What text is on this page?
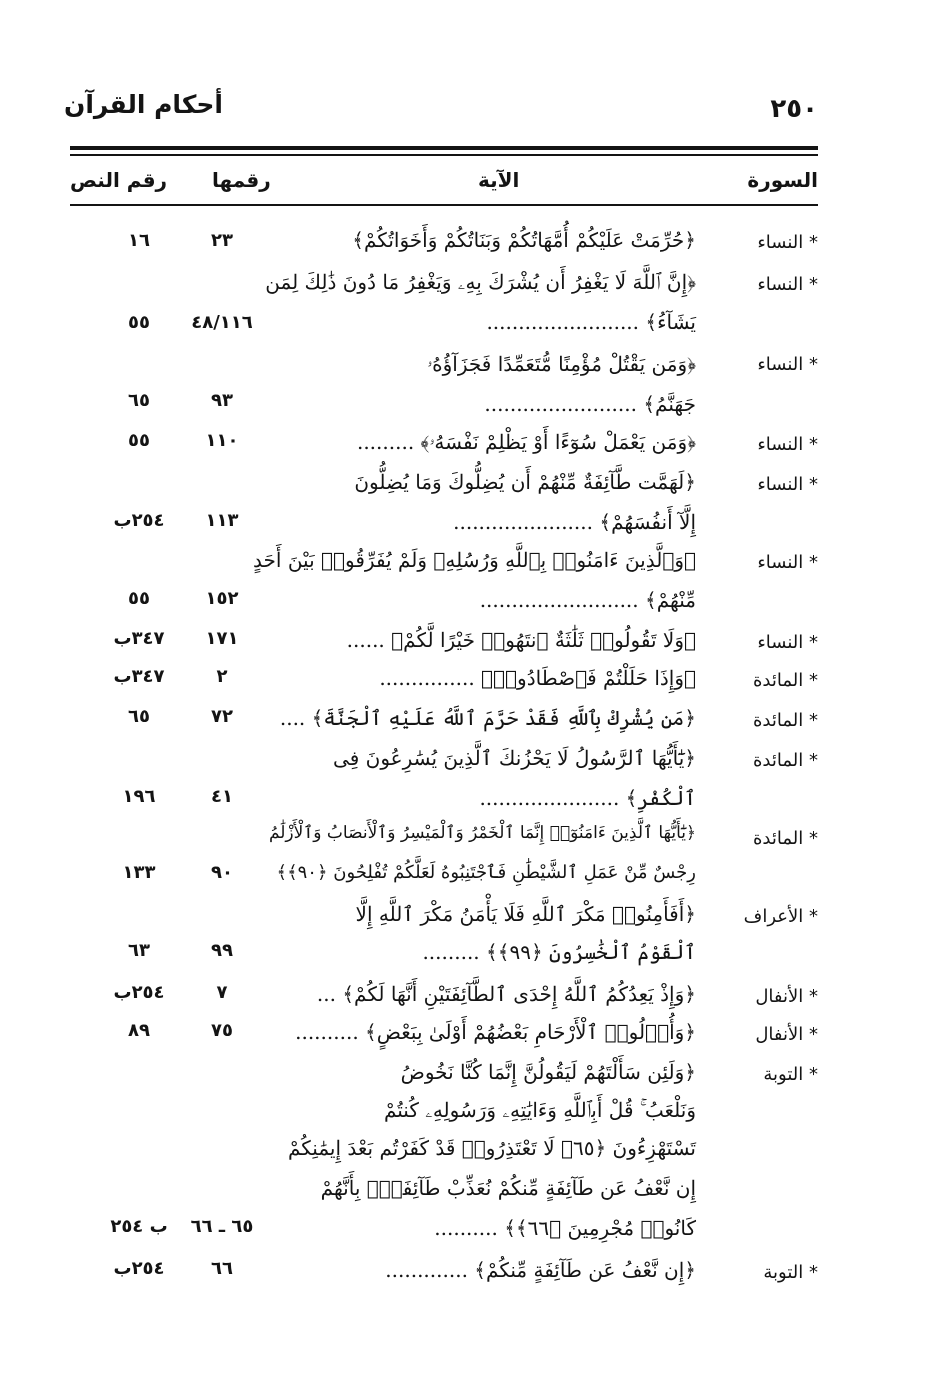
٢٥٠
أحكام القرآن
السورة
الآية
رقمها
رقم النص
* النساء
﴿حُرِّمَتْ عَلَيْكُمْ أُمَّهَاتُكُمْ وَبَنَاتُكُمْ وَأَخَوَاتُكُمْ﴾
٢٣
١٦
* النساء
﴿إِنَّ ٱللَّهَ لَا يَغْفِرُ أَن يُشْرَكَ بِهِۦ وَيَغْفِرُ مَا دُونَ ذَٰلِكَ لِمَن
يَشَآءُ﴾ ........................
٤٨/١١٦
٥٥
* النساء
﴿وَمَن يَقْتُلْ مُؤْمِنًا مُّتَعَمِّدًا فَجَزَآؤُهُۥ
جَهَنَّمُ﴾ ........................
٩٣
٦٥
* النساء
﴿وَمَن يَعْمَلْ سُوٓءًا أَوْ يَظْلِمْ نَفْسَهُۥ﴾ .........
١١٠
٥٥
* النساء
﴿لَهَمَّت طَّآئِفَةٌ مِّنْهُمْ أَن يُضِلُّوكَ وَمَا يُضِلُّونَ
إِلَّآ أَنفُسَهُمْ﴾ ......................
١١٣
٢٥٤ب
* النساء
﴿وَٱلَّذِينَ ءَامَنُوا۟ بِٱللَّهِ وَرُسُلِهِۦ وَلَمْ يُفَرِّقُوا۟ بَيْنَ أَحَدٍ
مِّنْهُمْ﴾ .........................
١٥٢
٥٥
* النساء
﴿وَلَا تَقُولُوا۟ ثَلَٰثَةٌ ٱنتَهُوا۟ خَيْرًا لَّكُمْ﴾ ......
١٧١
٣٤٧ب
* المائدة
﴿وَإِذَا حَلَلْتُمْ فَٱصْطَادُوا۟﴾ ...............
٢
٣٤٧ب
* المائدة
﴿مَن يُشْرِكْ بِٱللَّهِ فَقَدْ حَرَّمَ ٱللَّهُ عَلَيْهِ ٱلْجَنَّةَ﴾ ....
٧٢
٦٥
* المائدة
﴿يَٰٓأَيُّهَا ٱلرَّسُولُ لَا يَحْزُنكَ ٱلَّذِينَ يُسَٰرِعُونَ فِى
ٱلْكُفْرِ﴾ ......................
٤١
١٩٦
* المائدة
﴿يَٰٓأَيُّهَا ٱلَّذِينَ ءَامَنُوٓا۟ إِنَّمَا ٱلْخَمْرُ وَٱلْمَيْسِرُ وَٱلْأَنصَابُ وَٱلْأَزْلَٰمُ
رِجْسٌ مِّنْ عَمَلِ ٱلشَّيْطَٰنِ فَٱجْتَنِبُوهُ لَعَلَّكُمْ تُفْلِحُونَ ﴿٩٠﴾﴾
٩٠
١٣٣
* الأعراف
﴿أَفَأَمِنُوا۟ مَكْرَ ٱللَّهِ فَلَا يَأْمَنُ مَكْرَ ٱللَّهِ إِلَّا
ٱلْقَوْمُ ٱلْخَٰسِرُونَ ﴿٩٩﴾﴾ .........
٩٩
٦٣
* الأنفال
﴿وَإِذْ يَعِدُكُمُ ٱللَّهُ إِحْدَى ٱلطَّآئِفَتَيْنِ أَنَّهَا لَكُمْ﴾ ...
٧
٢٥٤ب
* الأنفال
﴿وَأُو۟لُوا۟ ٱلْأَرْحَامِ بَعْضُهُمْ أَوْلَىٰ بِبَعْضٍ﴾ ..........
٧٥
٨٩
* التوبة
﴿وَلَئِن سَأَلْتَهُمْ لَيَقُولُنَّ إِنَّمَا كُنَّا نَخُوضُ
وَنَلْعَبُ ۚ قُلْ أَبِٱللَّهِ وَءَايَٰتِهِۦ وَرَسُولِهِۦ كُنتُمْ
تَسْتَهْزِءُونَ ﴿٦٥﴾ لَا تَعْتَذِرُوا۟ قَدْ كَفَرْتُم بَعْدَ إِيمَٰنِكُمْ
إِن نَّعْفُ عَن طَآئِفَةٍ مِّنكُمْ نُعَذِّبْ طَآئِفَةًۢ بِأَنَّهُمْ
كَانُوا۟ مُجْرِمِينَ ﴿٦٦﴾﴾ ..........
٦٥ ـ ٦٦
ب ٢٥٤
* التوبة
﴿إِن نَّعْفُ عَن طَآئِفَةٍ مِّنكُمْ﴾ .............
٦٦
٢٥٤ب
